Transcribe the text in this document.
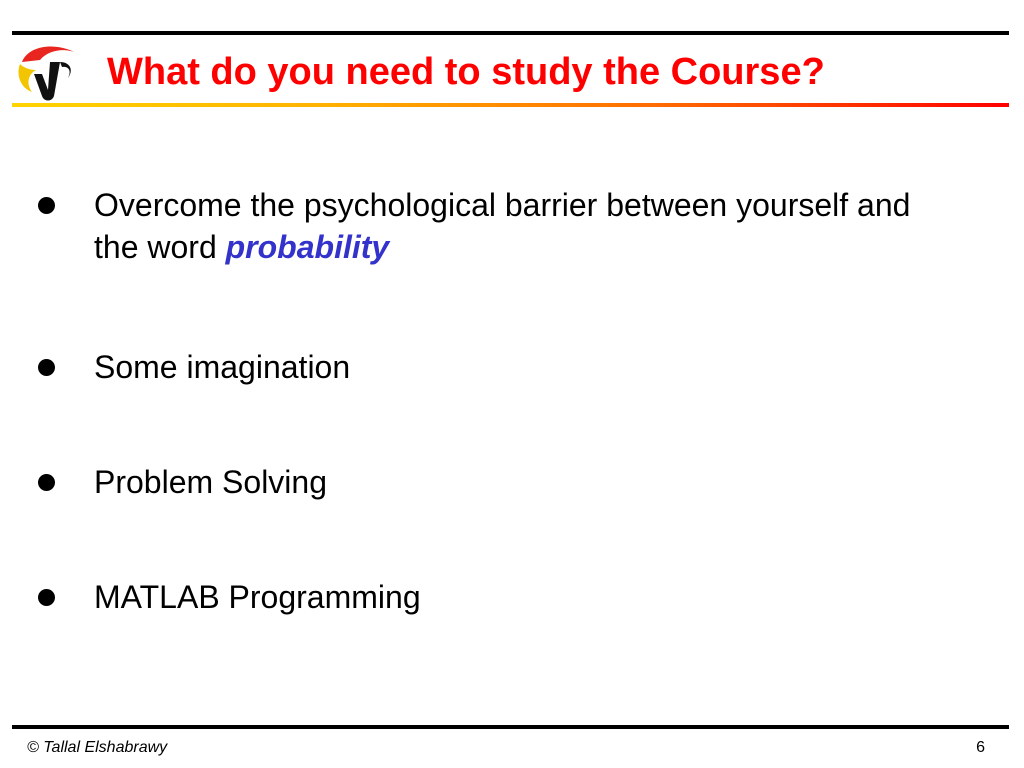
What do you need to study the Course?
Overcome the psychological barrier between yourself and the word probability
Some imagination
Problem Solving
MATLAB Programming
© Tallal Elshabrawy	6
